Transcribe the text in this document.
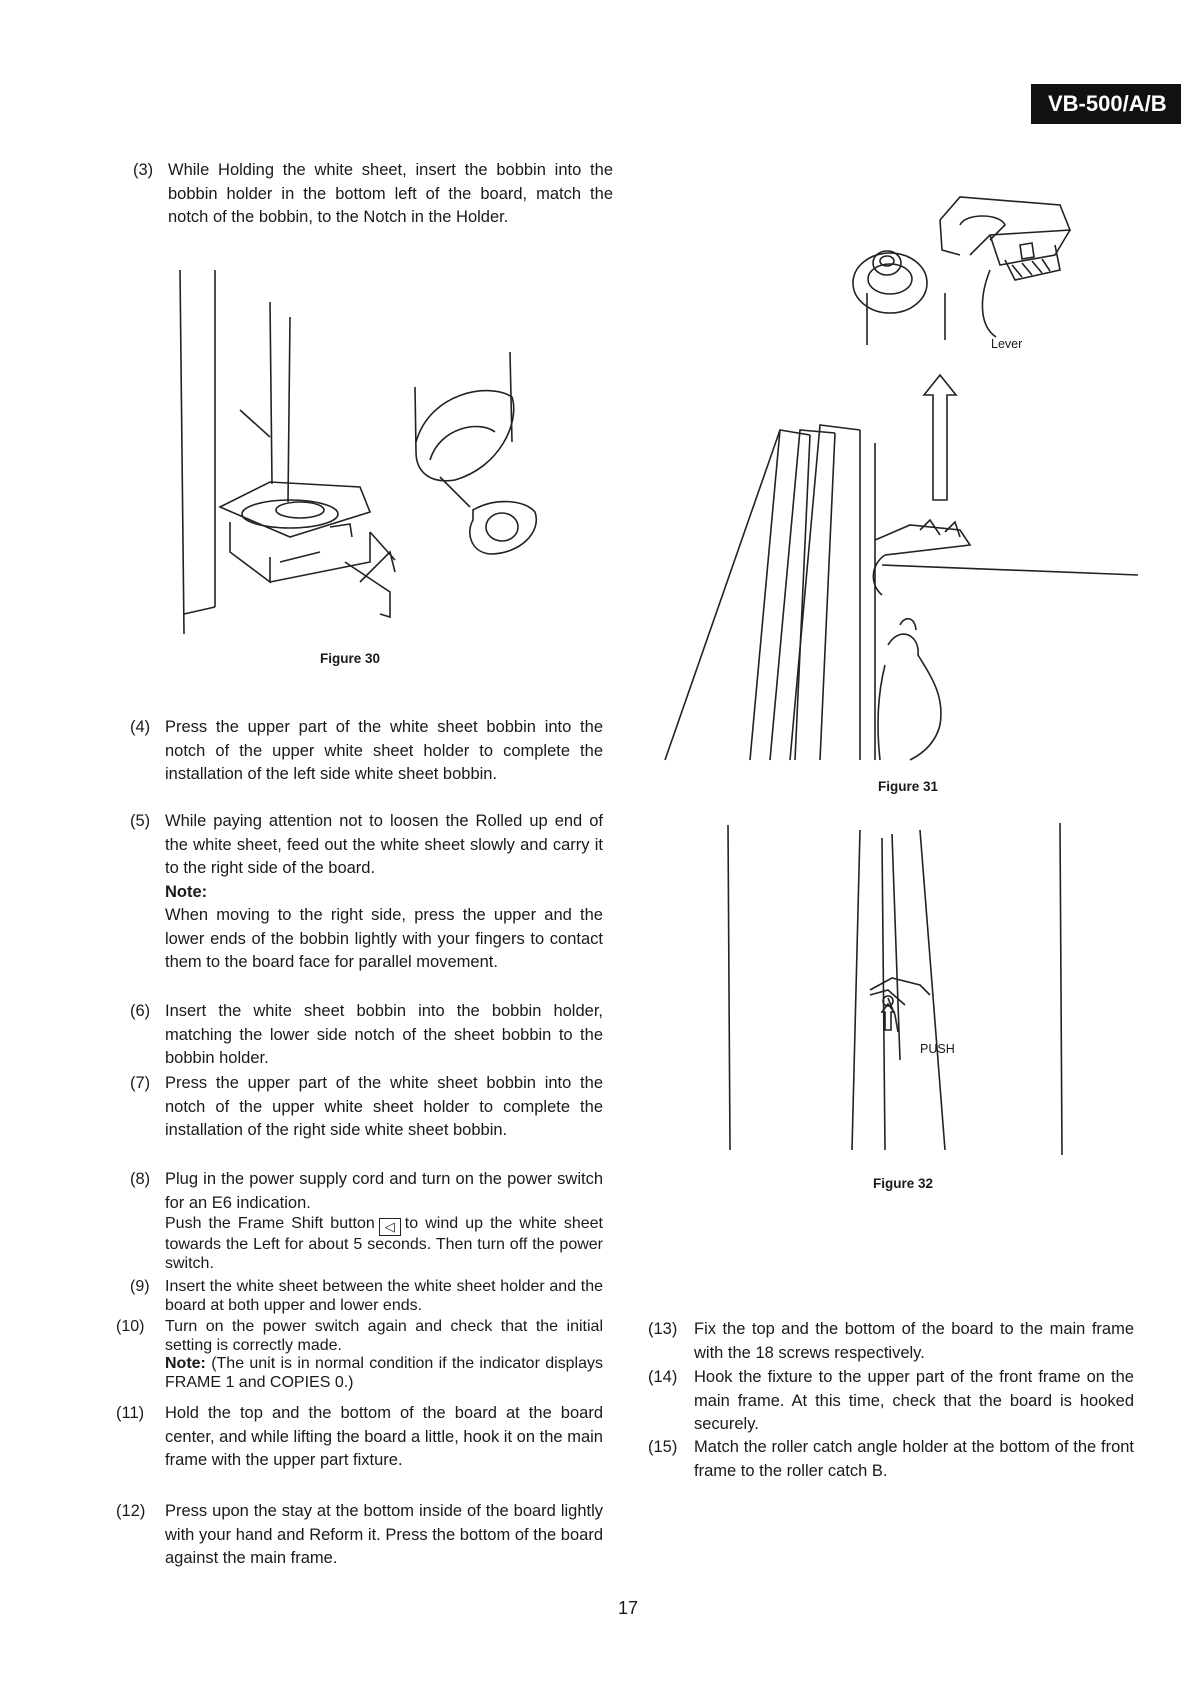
VB-500/A/B
(3) While Holding the white sheet, insert the bobbin into the bobbin holder in the bottom left of the board, match the notch of the bobbin, to the Notch in the Holder.
Figure 30
(4) Press the upper part of the white sheet bobbin into the notch of the upper white sheet holder to complete the installation of the left side white sheet bobbin.
(5) While paying attention not to loosen the Rolled up end of the white sheet, feed out the white sheet slowly and carry it to the right side of the board.
Note:
When moving to the right side, press the upper and the lower ends of the bobbin lightly with your fingers to contact them to the board face for parallel movement.
(6) Insert the white sheet bobbin into the bobbin holder, matching the lower side notch of the sheet bobbin to the bobbin holder.
(7) Press the upper part of the white sheet bobbin into the notch of the upper white sheet holder to complete the installation of the right side white sheet bobbin.
(8) Plug in the power supply cord and turn on the power switch for an E6 indication.
Push the Frame Shift button ◁ to wind up the white sheet towards the Left for about 5 seconds. Then turn off the power switch.
(9) Insert the white sheet between the white sheet holder and the board at both upper and lower ends.
(10) Turn on the power switch again and check that the initial setting is correctly made.
Note: (The unit is in normal condition if the indicator displays FRAME 1 and COPIES 0.)
(11) Hold the top and the bottom of the board at the board center, and while lifting the board a little, hook it on the main frame with the upper part fixture.
(12) Press upon the stay at the bottom inside of the board lightly with your hand and Reform it. Press the bottom of the board against the main frame.
Lever
Figure 31
PUSH
Figure 32
(13) Fix the top and the bottom of the board to the main frame with the 18 screws respectively.
(14) Hook the fixture to the upper part of the front frame on the main frame. At this time, check that the board is hooked securely.
(15) Match the roller catch angle holder at the bottom of the front frame to the roller catch B.
17
